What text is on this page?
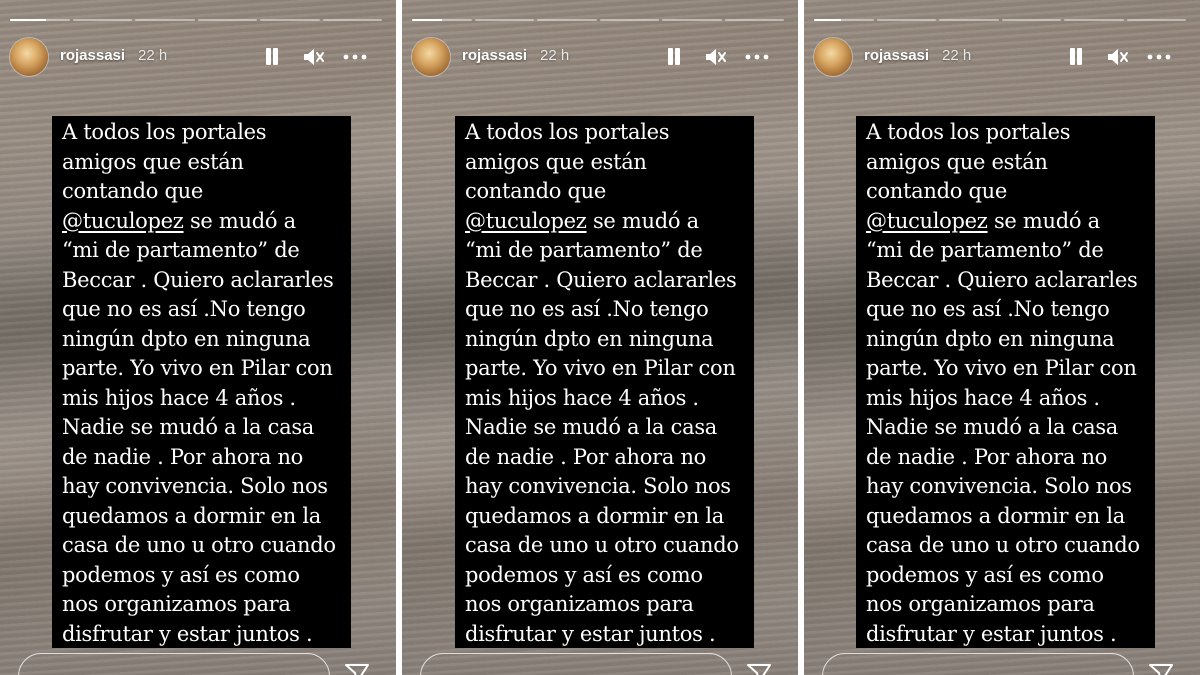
rojassasi 22 h
A todos los portales
amigos que están
contando que
@tuculopez se mudó a
“mi de partamento” de
Beccar . Quiero aclararles
que no es así .No tengo
ningún dpto en ninguna
parte. Yo vivo en Pilar con
mis hijos hace 4 años .
Nadie se mudó a la casa
de nadie . Por ahora no
hay convivencia. Solo nos
quedamos a dormir en la
casa de uno u otro cuando
podemos y así es como
nos organizamos para
disfrutar y estar juntos .
rojassasi 22 h
A todos los portales
amigos que están
contando que
@tuculopez se mudó a
“mi de partamento” de
Beccar . Quiero aclararles
que no es así .No tengo
ningún dpto en ninguna
parte. Yo vivo en Pilar con
mis hijos hace 4 años .
Nadie se mudó a la casa
de nadie . Por ahora no
hay convivencia. Solo nos
quedamos a dormir en la
casa de uno u otro cuando
podemos y así es como
nos organizamos para
disfrutar y estar juntos .
rojassasi 22 h
A todos los portales
amigos que están
contando que
@tuculopez se mudó a
“mi de partamento” de
Beccar . Quiero aclararles
que no es así .No tengo
ningún dpto en ninguna
parte. Yo vivo en Pilar con
mis hijos hace 4 años .
Nadie se mudó a la casa
de nadie . Por ahora no
hay convivencia. Solo nos
quedamos a dormir en la
casa de uno u otro cuando
podemos y así es como
nos organizamos para
disfrutar y estar juntos .
